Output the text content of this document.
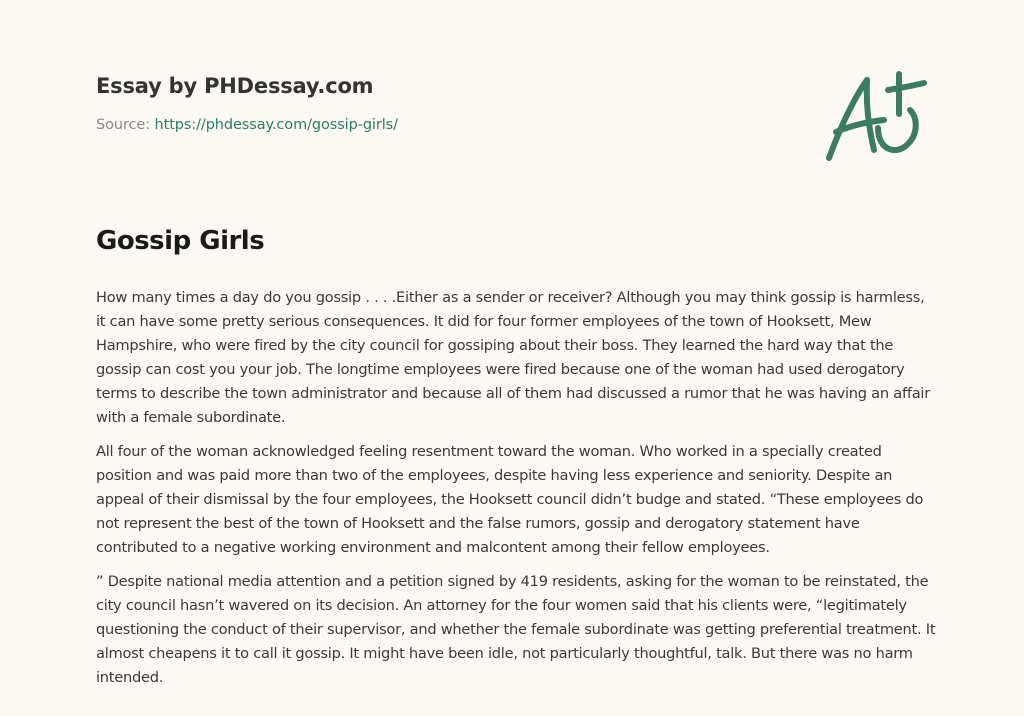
Essay by PHDessay.com
Source: https://phdessay.com/gossip-girls/
Gossip Girls

How many times a day do you gossip . . . .Either as a sender or receiver? Although you may think gossip is harmless, it can have some pretty serious consequences. It did for four former employees of the town of Hooksett, Mew Hampshire, who were fired by the city council for gossiping about their boss. They learned the hard way that the gossip can cost you your job. The longtime employees were fired because one of the woman had used derogatory terms to describe the town administrator and because all of them had discussed a rumor that he was having an affair with a female subordinate.

All four of the woman acknowledged feeling resentment toward the woman. Who worked in a specially created position and was paid more than two of the employees, despite having less experience and seniority. Despite an appeal of their dismissal by the four employees, the Hooksett council didn’t budge and stated. “These employees do not represent the best of the town of Hooksett and the false rumors, gossip and derogatory statement have contributed to a negative working environment and malcontent among their fellow employees.

” Despite national media attention and a petition signed by 419 residents, asking for the woman to be reinstated, the city council hasn’t wavered on its decision. An attorney for the four women said that his clients were, “legitimately questioning the conduct of their supervisor, and whether the female subordinate was getting preferential treatment. It almost cheapens it to call it gossip. It might have been idle, not particularly thoughtful, talk. But there was no harm intended.
